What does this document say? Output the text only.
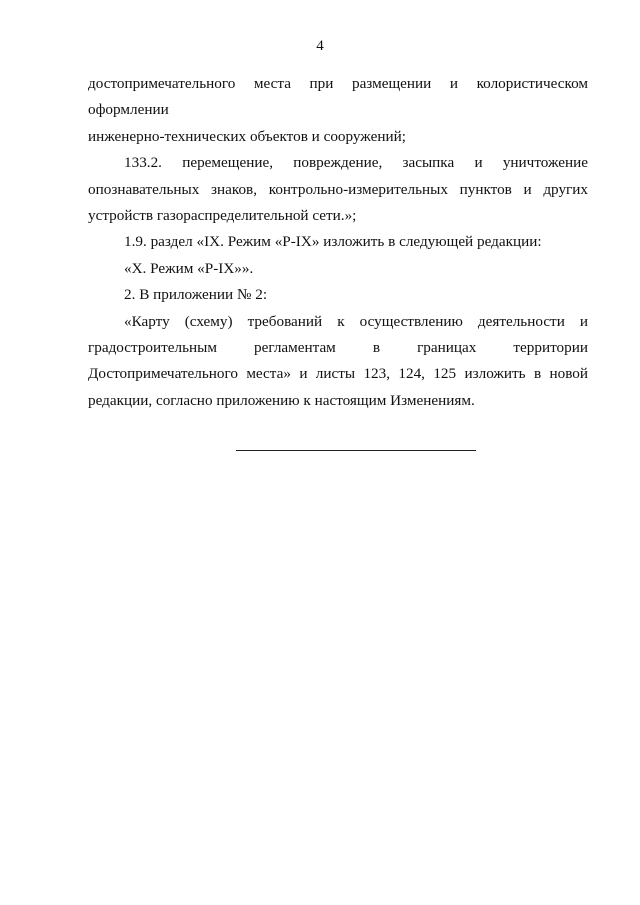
4
достопримечательного места при размещении и колористическом оформлении
инженерно-технических объектов и сооружений;
133.2. перемещение, повреждение, засыпка и уничтожение
опознавательных знаков, контрольно-измерительных пунктов и других
устройств газораспределительной сети.»;
1.9. раздел «IX. Режим «Р-IX» изложить в следующей редакции:
«X. Режим «Р-IX»».
2. В приложении № 2:
«Карту (схему) требований к осуществлению деятельности и
градостроительным регламентам в границах территории
Достопримечательного места» и листы 123, 124, 125 изложить в новой
редакции, согласно приложению к настоящим Изменениям.
